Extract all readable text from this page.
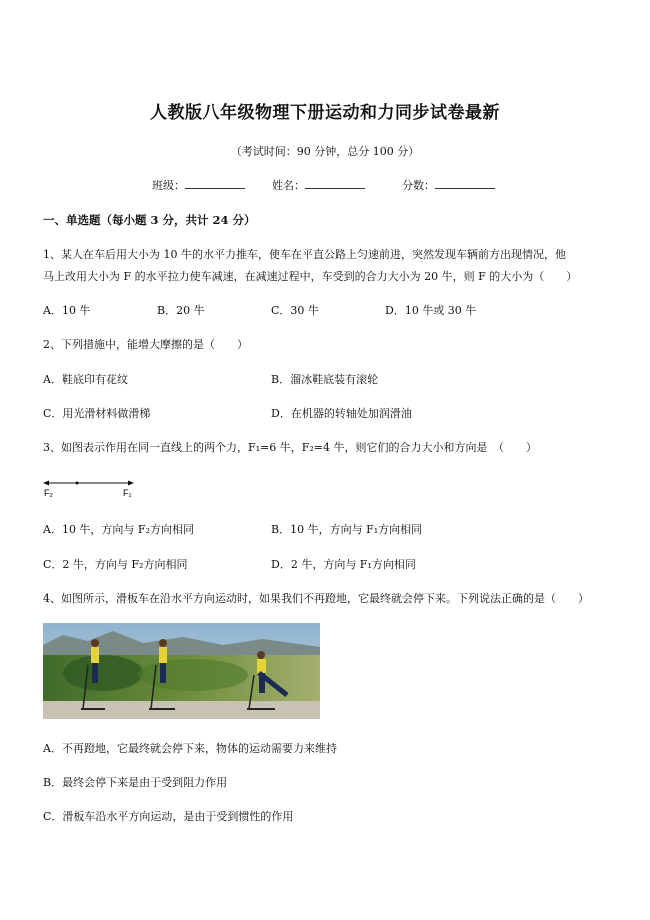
人教版八年级物理下册运动和力同步试卷最新
（考试时间：90 分钟，总分 100 分）
班级：	姓名：	分数：
一、单选题（每小题 3 分，共计 24 分）
1、某人在车后用大小为 10 牛的水平力推车，使车在平直公路上匀速前进，突然发现车辆前方出现情况，他
马上改用大小为 F 的水平拉力使车减速，在减速过程中，车受到的合力大小为 20 牛，则 F 的大小为（　　）
A．10 牛	B．20 牛	C．30 牛	D．10 牛或 30 牛
2、下列措施中，能增大摩擦的是（　　）
A．鞋底印有花纹	B．溜冰鞋底装有滚轮
C．用光滑材料做滑梯	D．在机器的转轴处加润滑油
3、如图表示作用在同一直线上的两个力，F₁=6 牛，F₂=4 牛，则它们的合力大小和方向是　（　　）
F₂	F₁
A．10 牛，方向与 F₂方向相同	B．10 牛，方向与 F₁方向相同
C．2 牛，方向与 F₂方向相同	D．2 牛，方向与 F₁方向相同
4、如图所示，滑板车在沿水平方向运动时，如果我们不再蹬地，它最终就会停下来。下列说法正确的是（　　）
A．不再蹬地，它最终就会停下来，物体的运动需要力来维持
B．最终会停下来是由于受到阻力作用
C．滑板车沿水平方向运动，是由于受到惯性的作用
